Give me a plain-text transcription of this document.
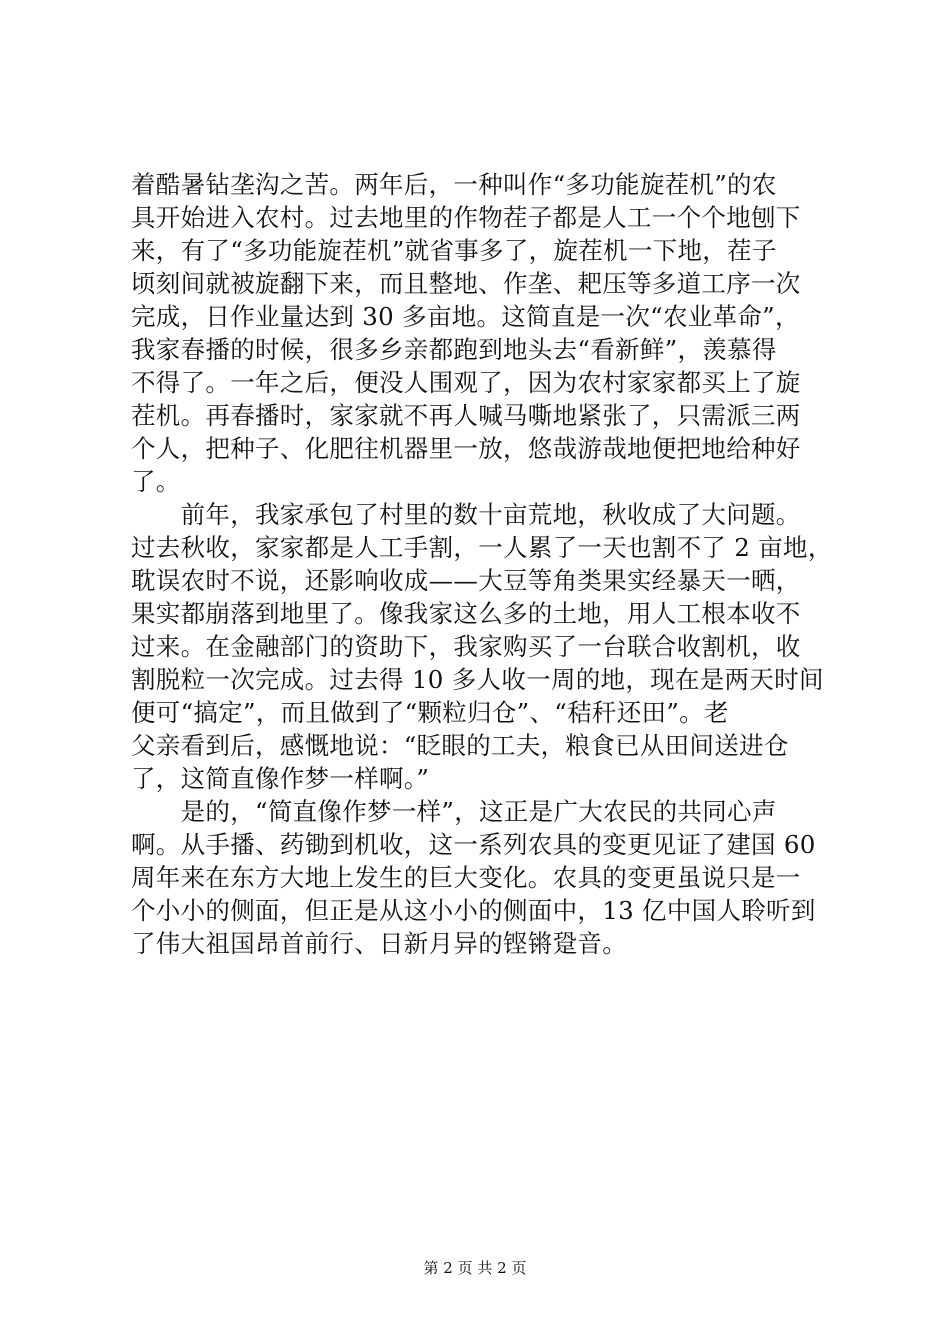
着酷暑钻垄沟之苦。两年后，一种叫作“多功能旋茬机”的农
具开始进入农村。过去地里的作物茬子都是人工一个个地刨下
来，有了“多功能旋茬机”就省事多了，旋茬机一下地，茬子
顷刻间就被旋翻下来，而且整地、作垄、耙压等多道工序一次
完成，日作业量达到 30 多亩地。这简直是一次“农业革命”，
我家春播的时候，很多乡亲都跑到地头去“看新鲜”，羡慕得
不得了。一年之后，便没人围观了，因为农村家家都买上了旋
茬机。再春播时，家家就不再人喊马嘶地紧张了，只需派三两
个人，把种子、化肥往机器里一放，悠哉游哉地便把地给种好
了。
　　前年，我家承包了村里的数十亩荒地，秋收成了大问题。
过去秋收，家家都是人工手割，一人累了一天也割不了 2 亩地，
耽误农时不说，还影响收成——大豆等角类果实经暴天一晒，
果实都崩落到地里了。像我家这么多的土地，用人工根本收不
过来。在金融部门的资助下，我家购买了一台联合收割机，收
割脱粒一次完成。过去得 10 多人收一周的地，现在是两天时间
便可“搞定”，而且做到了“颗粒归仓”、“秸秆还田”。老
父亲看到后，感慨地说：“眨眼的工夫，粮食已从田间送进仓
了，这简直像作梦一样啊。”
　　是的，“简直像作梦一样”，这正是广大农民的共同心声
啊。从手播、药锄到机收，这一系列农具的变更见证了建国 60
周年来在东方大地上发生的巨大变化。农具的变更虽说只是一
个小小的侧面，但正是从这小小的侧面中，13 亿中国人聆听到
了伟大祖国昂首前行、日新月异的铿锵跫音。
第 2 页 共 2 页
